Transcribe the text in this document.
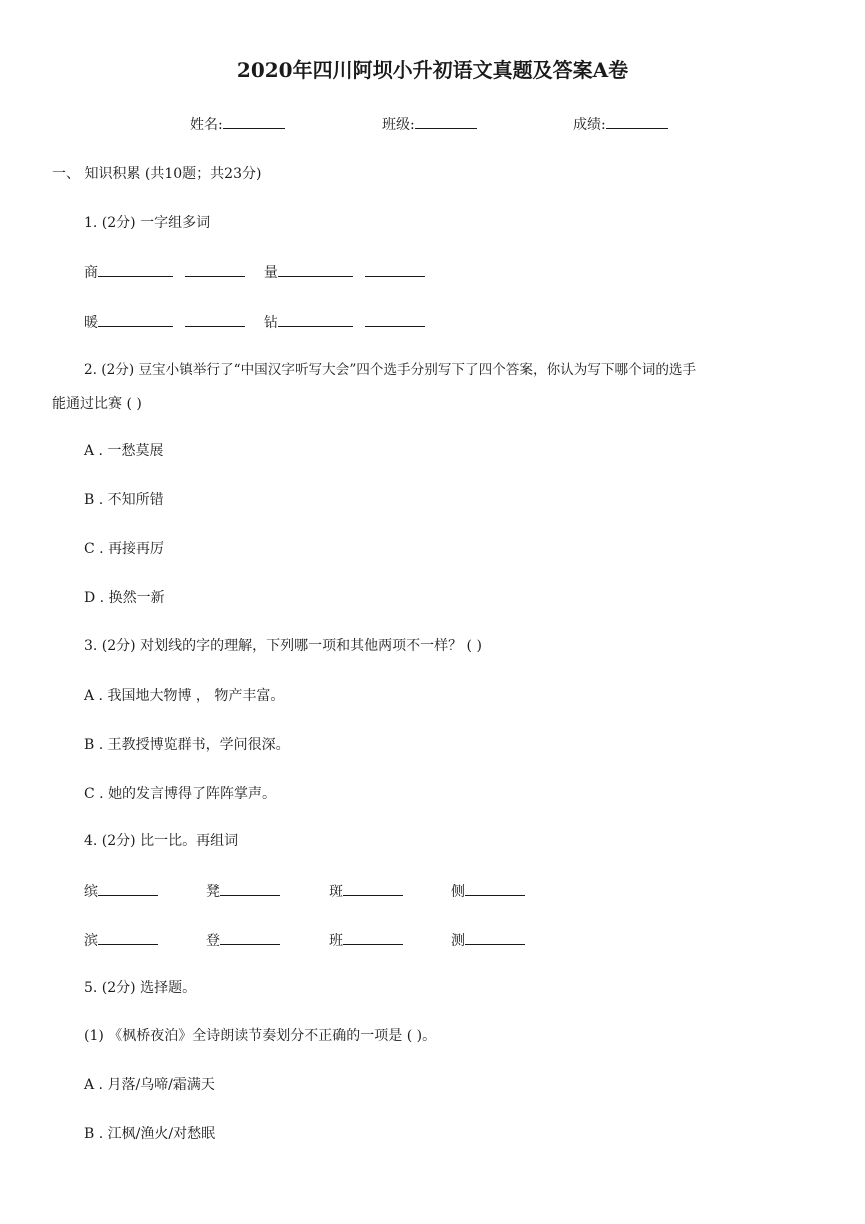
2020年四川阿坝小升初语文真题及答案A卷
姓名:	班级:	成绩:
一、 知识积累 (共10题；共23分)
1. (2分) 一字组多词
商	量
暖	钻
2. (2分) 豆宝小镇举行了“中国汉字听写大会”四个选手分别写下了四个答案，你认为写下哪个词的选手
能通过比赛 ( )
A . 一愁莫展
B . 不知所错
C . 再接再厉
D . 换然一新
3. (2分) 对划线的字的理解，下列哪一项和其他两项不一样？ ( )
A . 我国地大物博 ， 物产丰富。
B . 王教授博览群书，学问很深。
C . 她的发言博得了阵阵掌声。
4. (2分) 比一比。再组词
缤	凳	斑	侧
滨	登	班	测
5. (2分) 选择题。
(1) 《枫桥夜泊》全诗朗读节奏划分不正确的一项是 ( )。
A . 月落/乌啼/霜满天
B . 江枫/渔火/对愁眠
